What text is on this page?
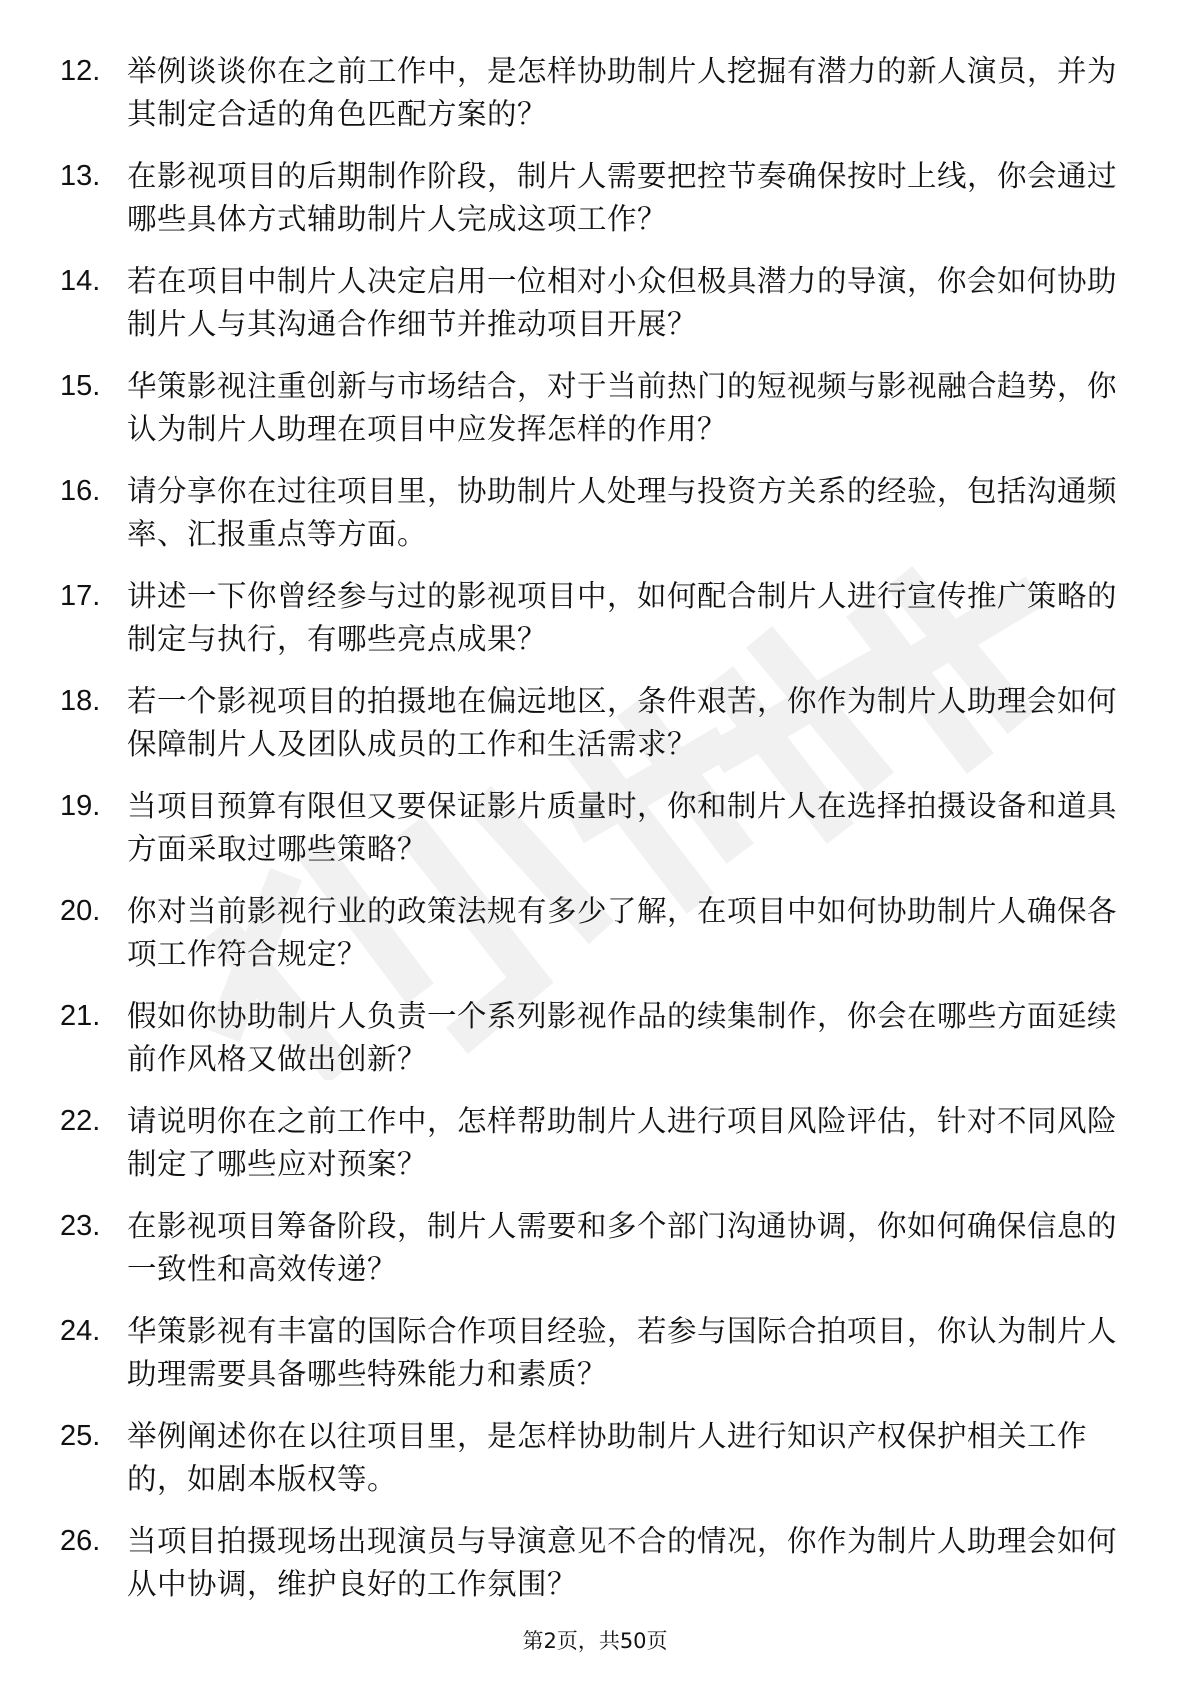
12. 举例谈谈你在之前工作中，是怎样协助制片人挖掘有潜力的新人演员，并为其制定合适的角色匹配方案的？
13. 在影视项目的后期制作阶段，制片人需要把控节奏确保按时上线，你会通过哪些具体方式辅助制片人完成这项工作？
14. 若在项目中制片人决定启用一位相对小众但极具潜力的导演，你会如何协助制片人与其沟通合作细节并推动项目开展？
15. 华策影视注重创新与市场结合，对于当前热门的短视频与影视融合趋势，你认为制片人助理在项目中应发挥怎样的作用？
16. 请分享你在过往项目里，协助制片人处理与投资方关系的经验，包括沟通频率、汇报重点等方面。
17. 讲述一下你曾经参与过的影视项目中，如何配合制片人进行宣传推广策略的制定与执行，有哪些亮点成果？
18. 若一个影视项目的拍摄地在偏远地区，条件艰苦，你作为制片人助理会如何保障制片人及团队成员的工作和生活需求？
19. 当项目预算有限但又要保证影片质量时，你和制片人在选择拍摄设备和道具方面采取过哪些策略？
20. 你对当前影视行业的政策法规有多少了解，在项目中如何协助制片人确保各项工作符合规定？
21. 假如你协助制片人负责一个系列影视作品的续集制作，你会在哪些方面延续前作风格又做出创新？
22. 请说明你在之前工作中，怎样帮助制片人进行项目风险评估，针对不同风险制定了哪些应对预案？
23. 在影视项目筹备阶段，制片人需要和多个部门沟通协调，你如何确保信息的一致性和高效传递？
24. 华策影视有丰富的国际合作项目经验，若参与国际合拍项目，你认为制片人助理需要具备哪些特殊能力和素质？
25. 举例阐述你在以往项目里，是怎样协助制片人进行知识产权保护相关工作的，如剧本版权等。
26. 当项目拍摄现场出现演员与导演意见不合的情况，你作为制片人助理会如何从中协调，维护良好的工作氛围？
第2页，共50页
